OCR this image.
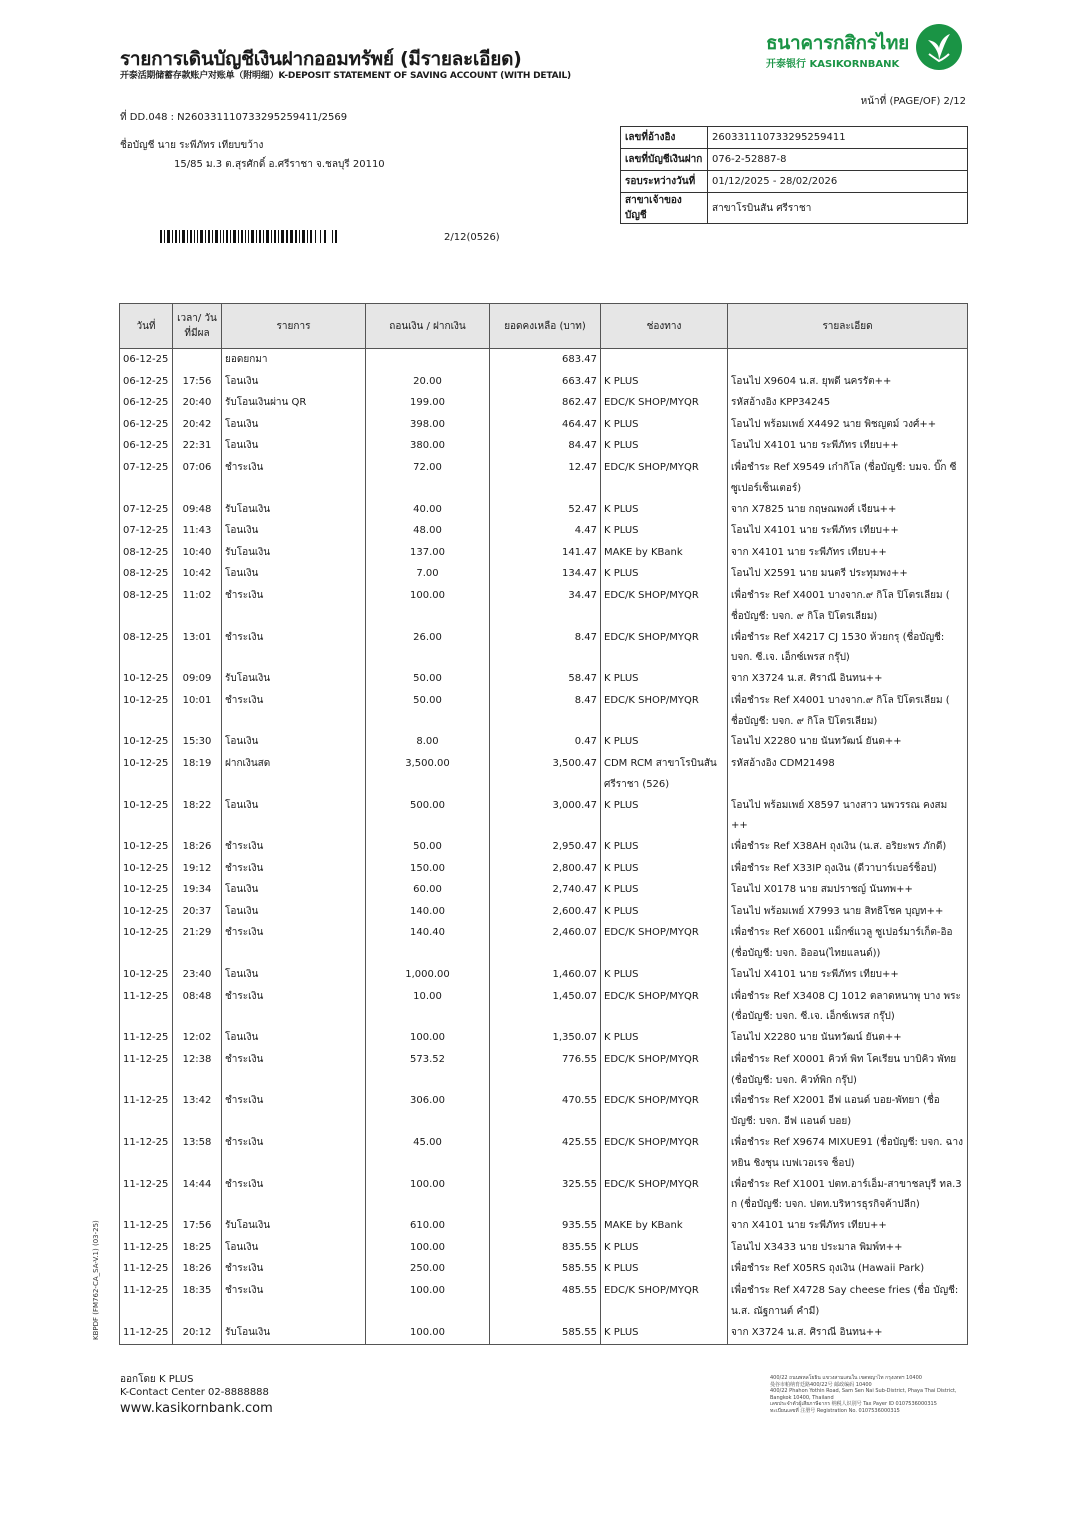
รายการเดินบัญชีเงินฝากออมทรัพย์ (มีรายละเอียด)
开泰活期储蓄存款账户对账单（附明细）K-DEPOSIT STATEMENT OF SAVING ACCOUNT (WITH DETAIL)
ธนาคารกสิกรไทย
开泰银行 KASIKORNBANK
หน้าที่ (PAGE/OF) 2/12
ที่ DD.048 : N260331110733295259411/2569
ชื่อบัญชี นาย ระพีภัทร เทียบขว้าง
15/85 ม.3 ต.สุรศักดิ์ อ.ศรีราชา จ.ชลบุรี 20110
เลขที่อ้างอิง	260331110733295259411
เลขที่บัญชีเงินฝาก	076-2-52887-8
รอบระหว่างวันที่	01/12/2025 - 28/02/2026
สาขาเจ้าของบัญชี	สาขาโรบินสัน ศรีราชา
2/12(0526)
วันที่	เวลา/ วันที่มีผล	รายการ	ถอนเงิน / ฝากเงิน	ยอดคงเหลือ (บาท)	ช่องทาง	รายละเอียด
06-12-25		ยอดยกมา		683.47		
06-12-25	17:56	โอนเงิน	20.00	663.47	K PLUS	โอนไป X9604 น.ส. ยุพดี นครรัต++
06-12-25	20:40	รับโอนเงินผ่าน QR	199.00	862.47	EDC/K SHOP/MYQR	รหัสอ้างอิง KPP34245
06-12-25	20:42	โอนเงิน	398.00	464.47	K PLUS	โอนไป พร้อมเพย์ X4492 นาย พิชญตม์ วงศ์++
06-12-25	22:31	โอนเงิน	380.00	84.47	K PLUS	โอนไป X4101 นาย ระพีภัทร เทียบ++
07-12-25	07:06	ชำระเงิน	72.00	12.47	EDC/K SHOP/MYQR	เพื่อชำระ Ref X9549 เก๋ากิโล (ชื่อบัญชี: บมจ. บิ๊ก ซี ซูเปอร์เซ็นเตอร์)
07-12-25	09:48	รับโอนเงิน	40.00	52.47	K PLUS	จาก X7825 นาย กฤษณพงศ์ เจียน++
07-12-25	11:43	โอนเงิน	48.00	4.47	K PLUS	โอนไป X4101 นาย ระพีภัทร เทียบ++
08-12-25	10:40	รับโอนเงิน	137.00	141.47	MAKE by KBank	จาก X4101 นาย ระพีภัทร เทียบ++
08-12-25	10:42	โอนเงิน	7.00	134.47	K PLUS	โอนไป X2591 นาย มนตรี ประทุมพง++
08-12-25	11:02	ชำระเงิน	100.00	34.47	EDC/K SHOP/MYQR	เพื่อชำระ Ref X4001 บางจาก.๙ กิโล ปิโตรเลียม ( ชื่อบัญชี: บจก. ๙ กิโล ปิโตรเลียม)
08-12-25	13:01	ชำระเงิน	26.00	8.47	EDC/K SHOP/MYQR	เพื่อชำระ Ref X4217 CJ 1530 ห้วยกรุ (ชื่อบัญชี: บจก. ซี.เจ. เอ็กซ์เพรส กรุ๊ป)
10-12-25	09:09	รับโอนเงิน	50.00	58.47	K PLUS	จาก X3724 น.ส. ศิราณี อินทน++
10-12-25	10:01	ชำระเงิน	50.00	8.47	EDC/K SHOP/MYQR	เพื่อชำระ Ref X4001 บางจาก.๙ กิโล ปิโตรเลียม ( ชื่อบัญชี: บจก. ๙ กิโล ปิโตรเลียม)
10-12-25	15:30	โอนเงิน	8.00	0.47	K PLUS	โอนไป X2280 นาย นันทวัฒน์ ยันต++
10-12-25	18:19	ฝากเงินสด	3,500.00	3,500.47	CDM RCM สาขาโรบินสัน ศรีราชา (526)	รหัสอ้างอิง CDM21498
10-12-25	18:22	โอนเงิน	500.00	3,000.47	K PLUS	โอนไป พร้อมเพย์ X8597 นางสาว นพวรรณ คงสม ++
10-12-25	18:26	ชำระเงิน	50.00	2,950.47	K PLUS	เพื่อชำระ Ref X38AH ถุงเงิน (น.ส. อริยะพร ภักดี)
10-12-25	19:12	ชำระเงิน	150.00	2,800.47	K PLUS	เพื่อชำระ Ref X33IP ถุงเงิน (ดีวาบาร์เบอร์ช็อป)
10-12-25	19:34	โอนเงิน	60.00	2,740.47	K PLUS	โอนไป X0178 นาย สมปราชญ์ นันทพ++
10-12-25	20:37	โอนเงิน	140.00	2,600.47	K PLUS	โอนไป พร้อมเพย์ X7993 นาย สิทธิโชค บุญท++
10-12-25	21:29	ชำระเงิน	140.40	2,460.07	EDC/K SHOP/MYQR	เพื่อชำระ Ref X6001 แม็กซ์แวลู ซูเปอร์มาร์เก็ต-อิอ (ชื่อบัญชี: บจก. อิออน(ไทยแลนด์))
10-12-25	23:40	โอนเงิน	1,000.00	1,460.07	K PLUS	โอนไป X4101 นาย ระพีภัทร เทียบ++
11-12-25	08:48	ชำระเงิน	10.00	1,450.07	EDC/K SHOP/MYQR	เพื่อชำระ Ref X3408 CJ 1012 ตลาดหนาพุ บาง พระ (ชื่อบัญชี: บจก. ซี.เจ. เอ็กซ์เพรส กรุ๊ป)
11-12-25	12:02	โอนเงิน	100.00	1,350.07	K PLUS	โอนไป X2280 นาย นันทวัฒน์ ยันต++
11-12-25	12:38	ชำระเงิน	573.52	776.55	EDC/K SHOP/MYQR	เพื่อชำระ Ref X0001 คิวท์ พิท โคเรียน บาบิคิว พัทย (ชื่อบัญชี: บจก. คิวท์พิก กรุ๊ป)
11-12-25	13:42	ชำระเงิน	306.00	470.55	EDC/K SHOP/MYQR	เพื่อชำระ Ref X2001 อีฟ แอนด์ บอย-พัทยา (ชื่อ บัญชี: บจก. อีฟ แอนด์ บอย)
11-12-25	13:58	ชำระเงิน	45.00	425.55	EDC/K SHOP/MYQR	เพื่อชำระ Ref X9674 MIXUE91 (ชื่อบัญชี: บจก. ฉางหยิน ชิงชุน เบฟเวอเรจ ช็อป)
11-12-25	14:44	ชำระเงิน	100.00	325.55	EDC/K SHOP/MYQR	เพื่อชำระ Ref X1001 ปตท.อาร์เอ็ม-สาขาชลบุรี ทล.3 ก (ชื่อบัญชี: บจก. ปตท.บริหารธุรกิจค้าปลีก)
11-12-25	17:56	รับโอนเงิน	610.00	935.55	MAKE by KBank	จาก X4101 นาย ระพีภัทร เทียบ++
11-12-25	18:25	โอนเงิน	100.00	835.55	K PLUS	โอนไป X3433 นาย ประมาล พิมพ์ท++
11-12-25	18:26	ชำระเงิน	250.00	585.55	K PLUS	เพื่อชำระ Ref X05RS ถุงเงิน (Hawaii Park)
11-12-25	18:35	ชำระเงิน	100.00	485.55	EDC/K SHOP/MYQR	เพื่อชำระ Ref X4728 Say cheese fries (ชื่อ บัญชี: น.ส. ณัฐกานต์ คำมี)
11-12-25	20:12	รับโอนเงิน	100.00	585.55	K PLUS	จาก X3724 น.ส. ศิราณี อินทน++
ออกโดย K PLUS
K-Contact Center 02-8888888
www.kasikornbank.com
400/22 ถนนพหลโยธิน แขวงสามเสนใน เขตพญาไท กรุงเทพฯ 10400
曼谷市帕纳育廷路400/22号 邮政编码 10400
400/22 Phahon Yothin Road, Sam Sen Nai Sub-District, Phaya Thai District, Bangkok 10400, Thailand
เลขประจำตัวผู้เสียภาษีอากร 纳税人识别号 Tax Payer ID 0107536000315
ทะเบียนเลขที่ 注册号 Registration No. 0107536000315
KBPDF (FM762-CA_SA-V.1) (03-25)
